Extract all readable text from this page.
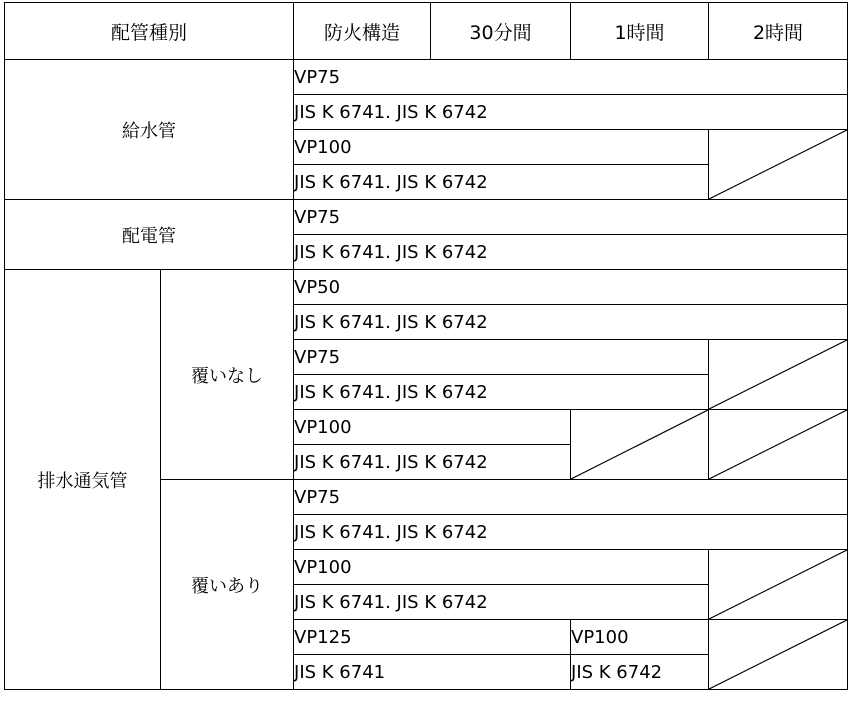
配管種別		防火構造	30分間	1時間	2時間
給水管		VP75			
		JIS K 6741. JIS K 6742			
		VP100	

		JIS K 6741. JIS K 6742			
配電管		VP75			
		JIS K 6741. JIS K 6742			
排水通気管	覆いなし	VP50			
		JIS K 6741. JIS K 6742			
		VP75	

		JIS K 6741. JIS K 6742			
		VP100	

		JIS K 6741. JIS K 6742			
	覆いあり	VP75			
		JIS K 6741. JIS K 6742			
		VP100	

		JIS K 6741. JIS K 6742			
		VP125		VP100	

		JIS K 6741		JIS K 6742	
